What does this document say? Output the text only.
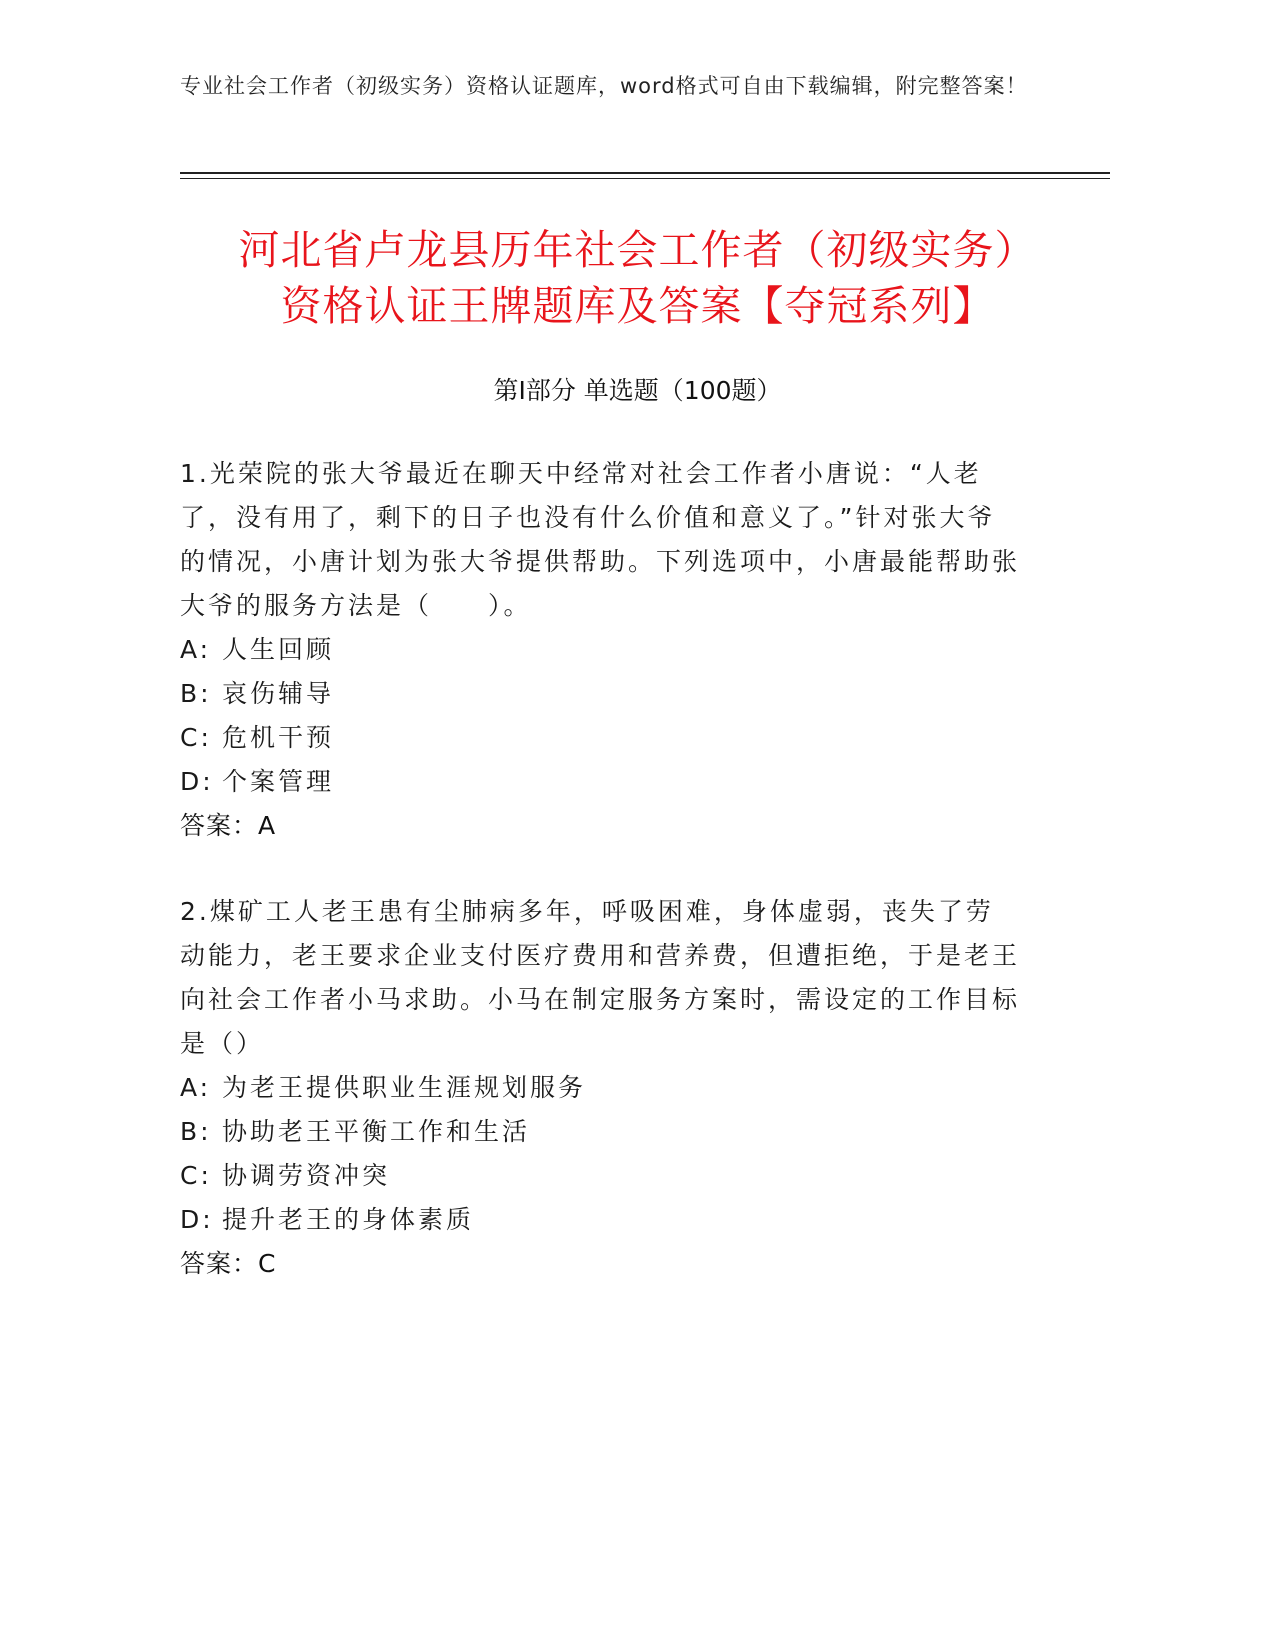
专业社会工作者（初级实务）资格认证题库，word格式可自由下载编辑，附完整答案！
河北省卢龙县历年社会工作者（初级实务）
资格认证王牌题库及答案【夺冠系列】
第Ⅰ部分 单选题（100题）

1.光荣院的张大爷最近在聊天中经常对社会工作者小唐说：“人老了，没有用了，剩下的日子也没有什么价值和意义了。”针对张大爷的情况，小唐计划为张大爷提供帮助。下列选项中，小唐最能帮助张大爷的服务方法是（　　）。

A: 人生回顾

B: 哀伤辅导

C: 危机干预

D: 个案管理

答案：A

2.煤矿工人老王患有尘肺病多年，呼吸困难，身体虚弱，丧失了劳动能力，老王要求企业支付医疗费用和营养费，但遭拒绝，于是老王向社会工作者小马求助。小马在制定服务方案时，需设定的工作目标是（）

A: 为老王提供职业生涯规划服务

B: 协助老王平衡工作和生活

C: 协调劳资冲突

D: 提升老王的身体素质

答案：C
